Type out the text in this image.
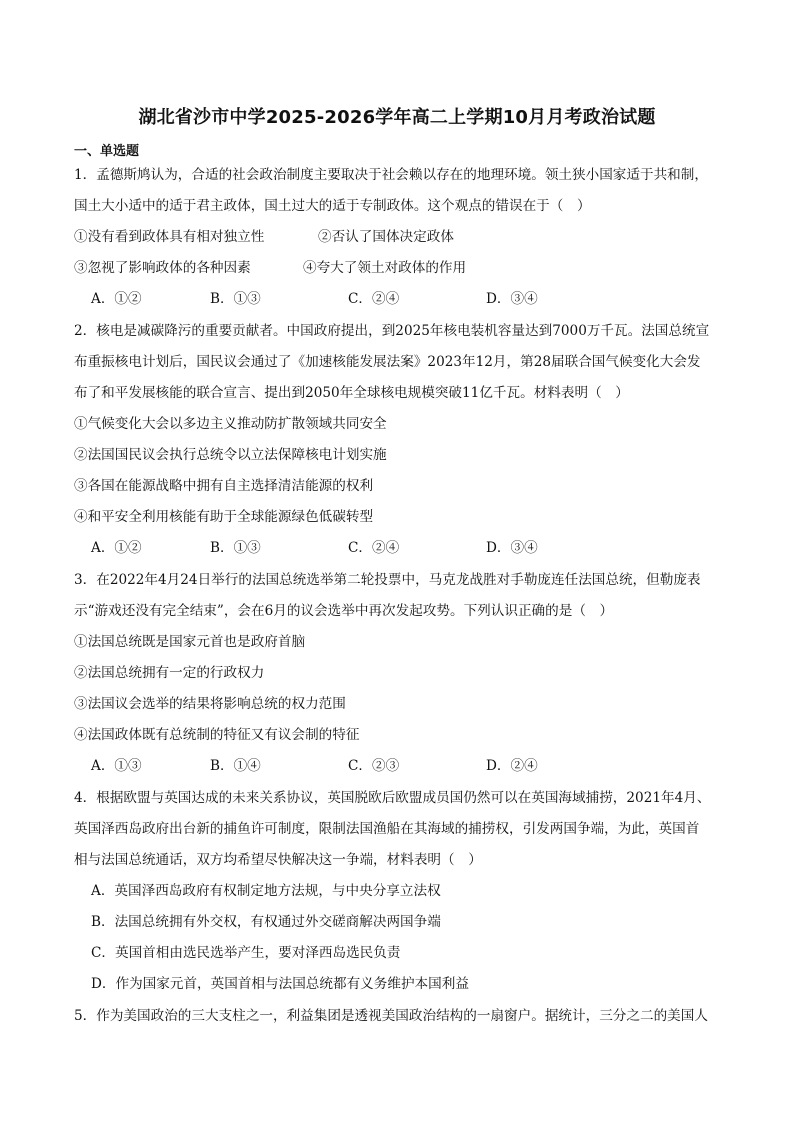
湖北省沙市中学2025-2026学年高二上学期10月月考政治试题
一、单选题
1．孟德斯鸠认为，合适的社会政治制度主要取决于社会赖以存在的地理环境。领土狭小国家适于共和制，
国土大小适中的适于君主政体，国土过大的适于专制政体。这个观点的错误在于（　）
①没有看到政体具有相对独立性	②否认了国体决定政体
③忽视了影响政体的各种因素	④夸大了领土对政体的作用
A．①②	B．①③	C．②④	D．③④
2．核电是减碳降污的重要贡献者。中国政府提出，到2025年核电装机容量达到7000万千瓦。法国总统宣
布重振核电计划后，国民议会通过了《加速核能发展法案》2023年12月，第28届联合国气候变化大会发
布了和平发展核能的联合宣言、提出到2050年全球核电规模突破11亿千瓦。材料表明（　）
①气候变化大会以多边主义推动防扩散领域共同安全
②法国国民议会执行总统令以立法保障核电计划实施
③各国在能源战略中拥有自主选择清洁能源的权利
④和平安全利用核能有助于全球能源绿色低碳转型
A．①②	B．①③	C．②④	D．③④
3．在2022年4月24日举行的法国总统选举第二轮投票中，马克龙战胜对手勒庞连任法国总统，但勒庞表
示“游戏还没有完全结束”，会在6月的议会选举中再次发起攻势。下列认识正确的是（　）
①法国总统既是国家元首也是政府首脑
②法国总统拥有一定的行政权力
③法国议会选举的结果将影响总统的权力范围
④法国政体既有总统制的特征又有议会制的特征
A．①③	B．①④	C．②③	D．②④
4．根据欧盟与英国达成的未来关系协议，英国脱欧后欧盟成员国仍然可以在英国海域捕捞，2021年4月、
英国泽西岛政府出台新的捕鱼许可制度，限制法国渔船在其海域的捕捞权，引发两国争端，为此，英国首
相与法国总统通话，双方均希望尽快解决这一争端，材料表明（　）
A．英国泽西岛政府有权制定地方法规，与中央分享立法权
B．法国总统拥有外交权，有权通过外交磋商解决两国争端
C．英国首相由选民选举产生，要对泽西岛选民负责
D．作为国家元首，英国首相与法国总统都有义务维护本国利益
5．作为美国政治的三大支柱之一，利益集团是透视美国政治结构的一扇窗户。据统计，三分之二的美国人
